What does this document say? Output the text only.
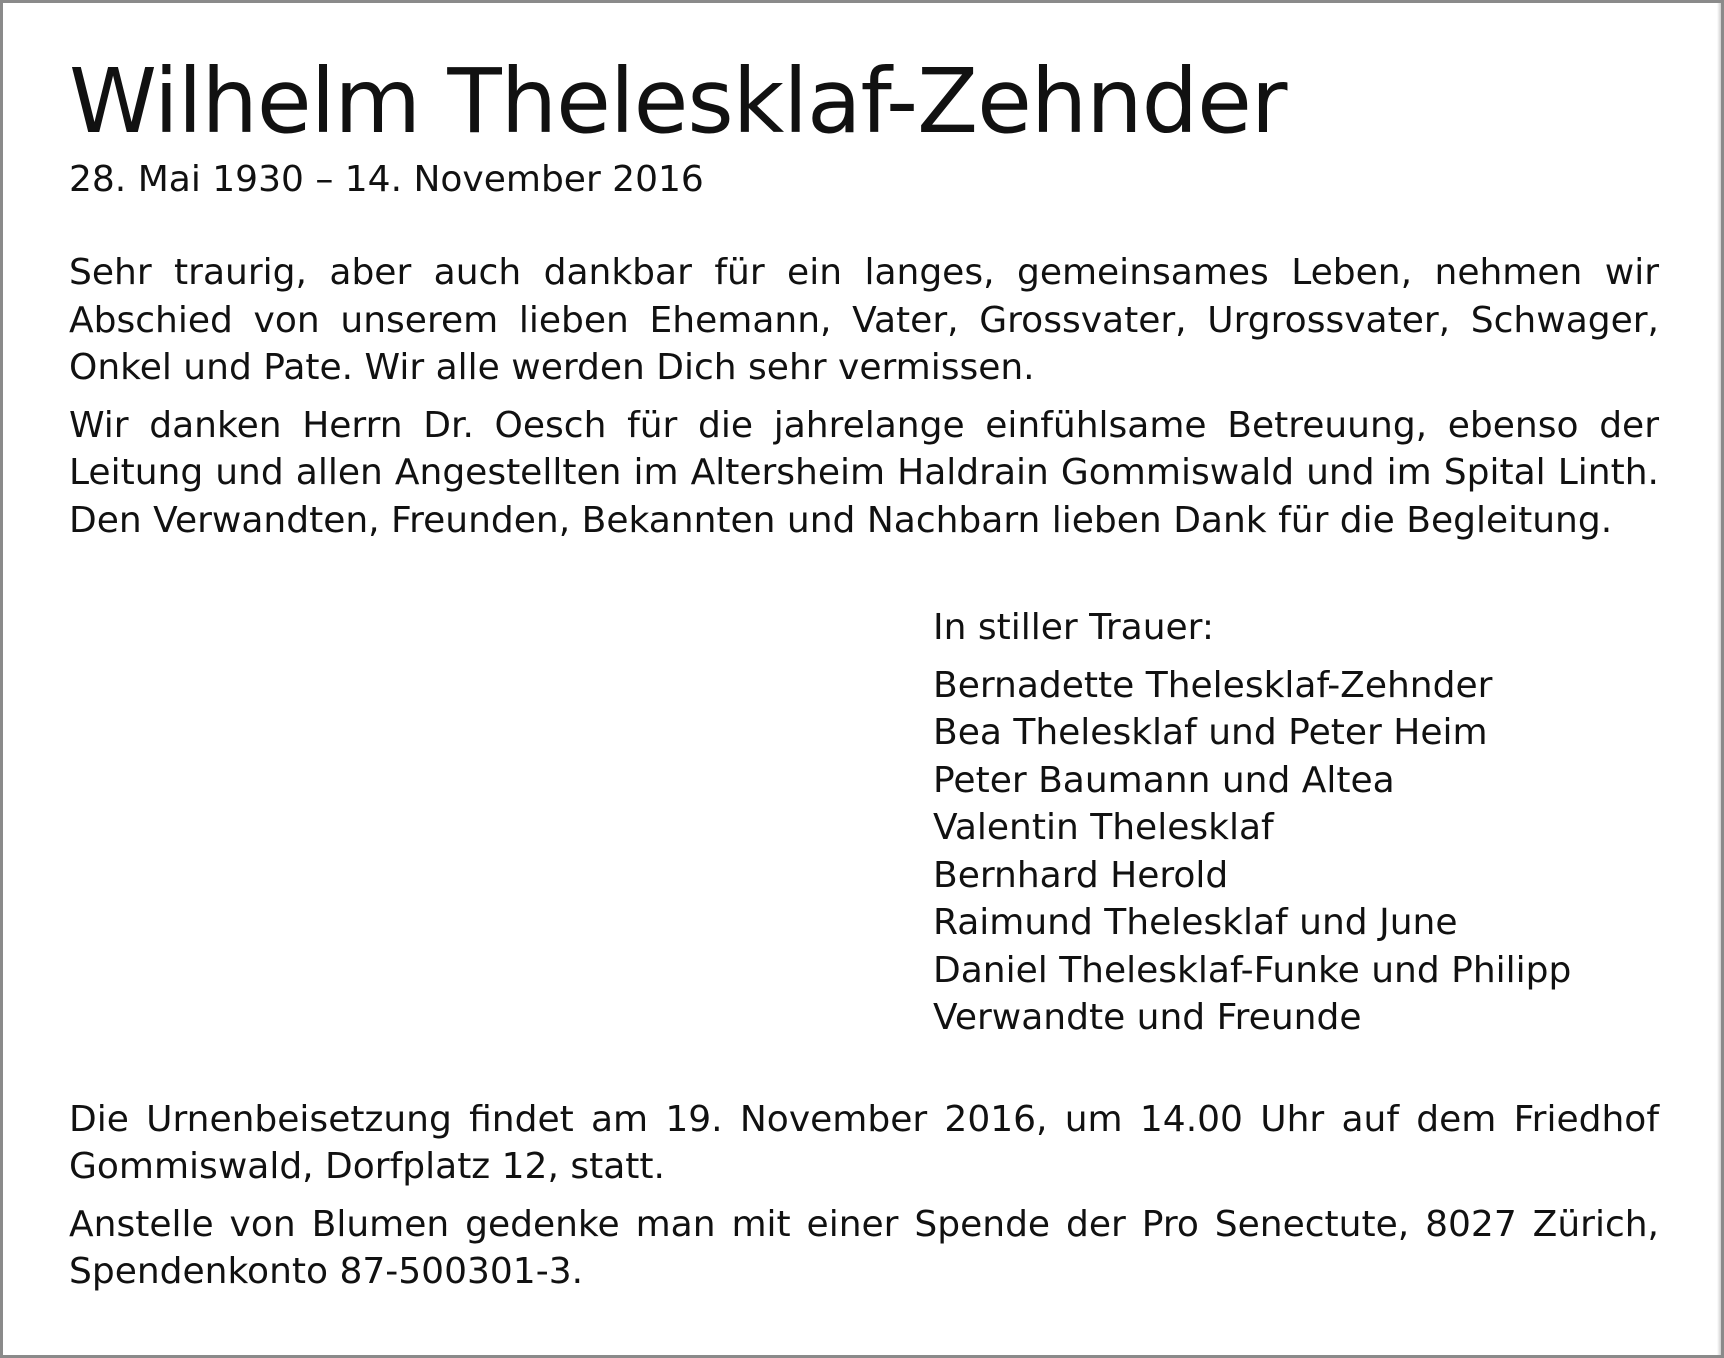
Wilhelm Thelesklaf-Zehnder

28. Mai 1930 – 14. November 2016

Sehr traurig, aber auch dankbar für ein langes, gemeinsames Leben, nehmen wir Abschied von unserem lieben Ehemann, Vater, Grossvater, Urgrossvater, Schwager, Onkel und Pate. Wir alle werden Dich sehr vermissen.

Wir danken Herrn Dr. Oesch für die jahrelange einfühlsame Betreuung, ebenso der Leitung und allen Angestellten im Altersheim Haldrain Gommiswald und im Spital Linth. Den Verwandten, Freunden, Bekannten und Nachbarn lieben Dank für die Begleitung.

In stiller Trauer:

Bernadette Thelesklaf-Zehnder
Bea Thelesklaf und Peter Heim
Peter Baumann und Altea
Valentin Thelesklaf
Bernhard Herold
Raimund Thelesklaf und June
Daniel Thelesklaf-Funke und Philipp
Verwandte und Freunde

Die Urnenbeisetzung findet am 19. November 2016, um 14.00 Uhr auf dem Friedhof Gommiswald, Dorfplatz 12, statt.

Anstelle von Blumen gedenke man mit einer Spende der Pro Senectute, 8027 Zürich, Spendenkonto 87-500301-3.
